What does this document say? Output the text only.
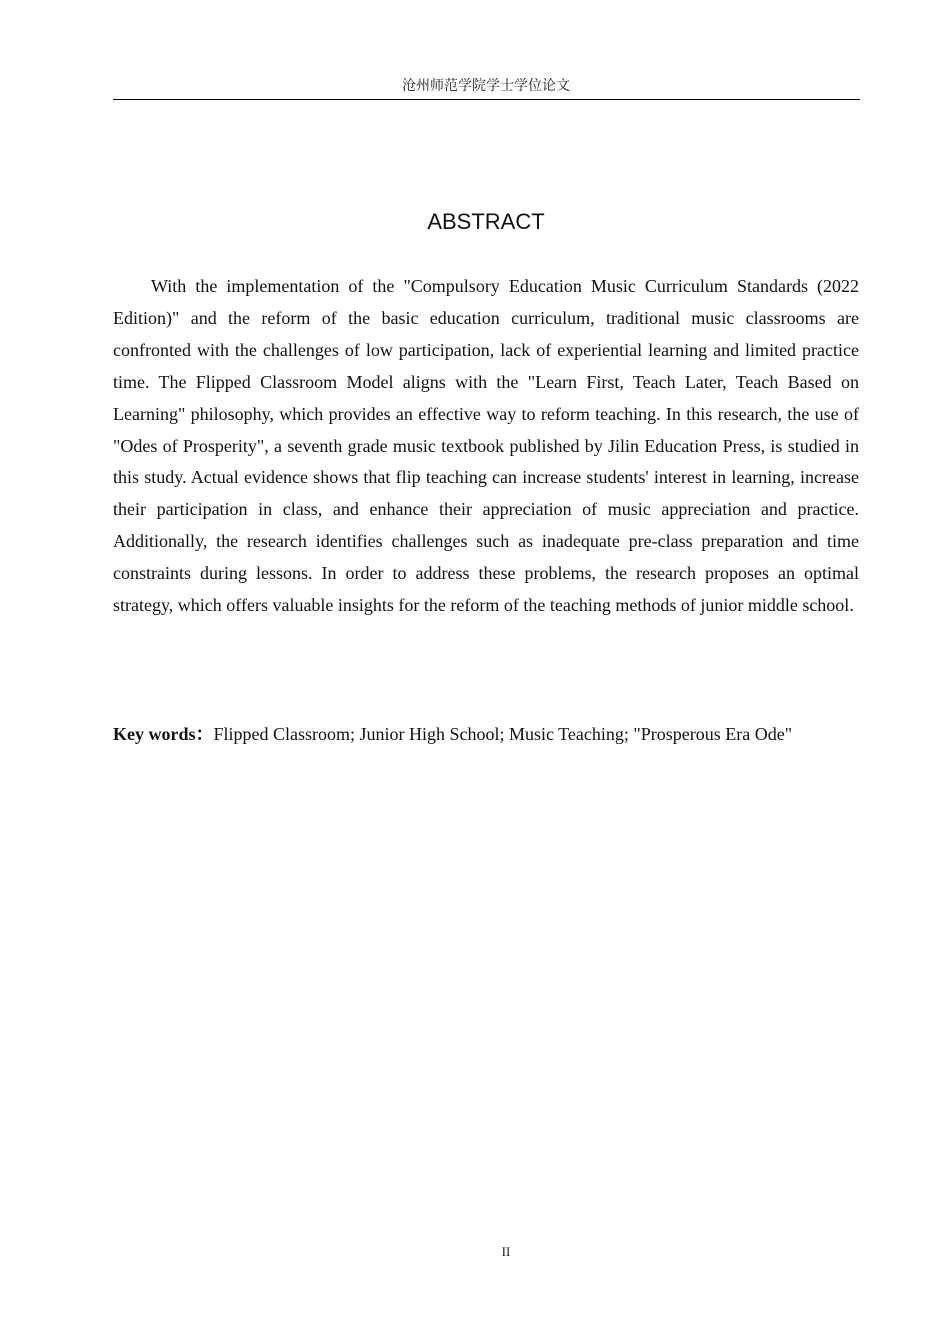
沧州师范学院学士学位论文
ABSTRACT

With the implementation of the "Compulsory Education Music Curriculum Standards (2022 Edition)" and the reform of the basic education curriculum, traditional music classrooms are confronted with the challenges of low participation, lack of experiential learning and limited practice time. The Flipped Classroom Model aligns with the "Learn First, Teach Later, Teach Based on Learning" philosophy, which provides an effective way to reform teaching. In this research, the use of "Odes of Prosperity", a seventh grade music textbook published by Jilin Education Press, is studied in this study. Actual evidence shows that flip teaching can increase students' interest in learning, increase their participation in class, and enhance their appreciation of music appreciation and practice. Additionally, the research identifies challenges such as inadequate pre-class preparation and time constraints during lessons. In order to address these problems, the research proposes an optimal strategy, which offers valuable insights for the reform of the teaching methods of junior middle school.

Key words：Flipped Classroom; Junior High School; Music Teaching; "Prosperous Era Ode"

II
